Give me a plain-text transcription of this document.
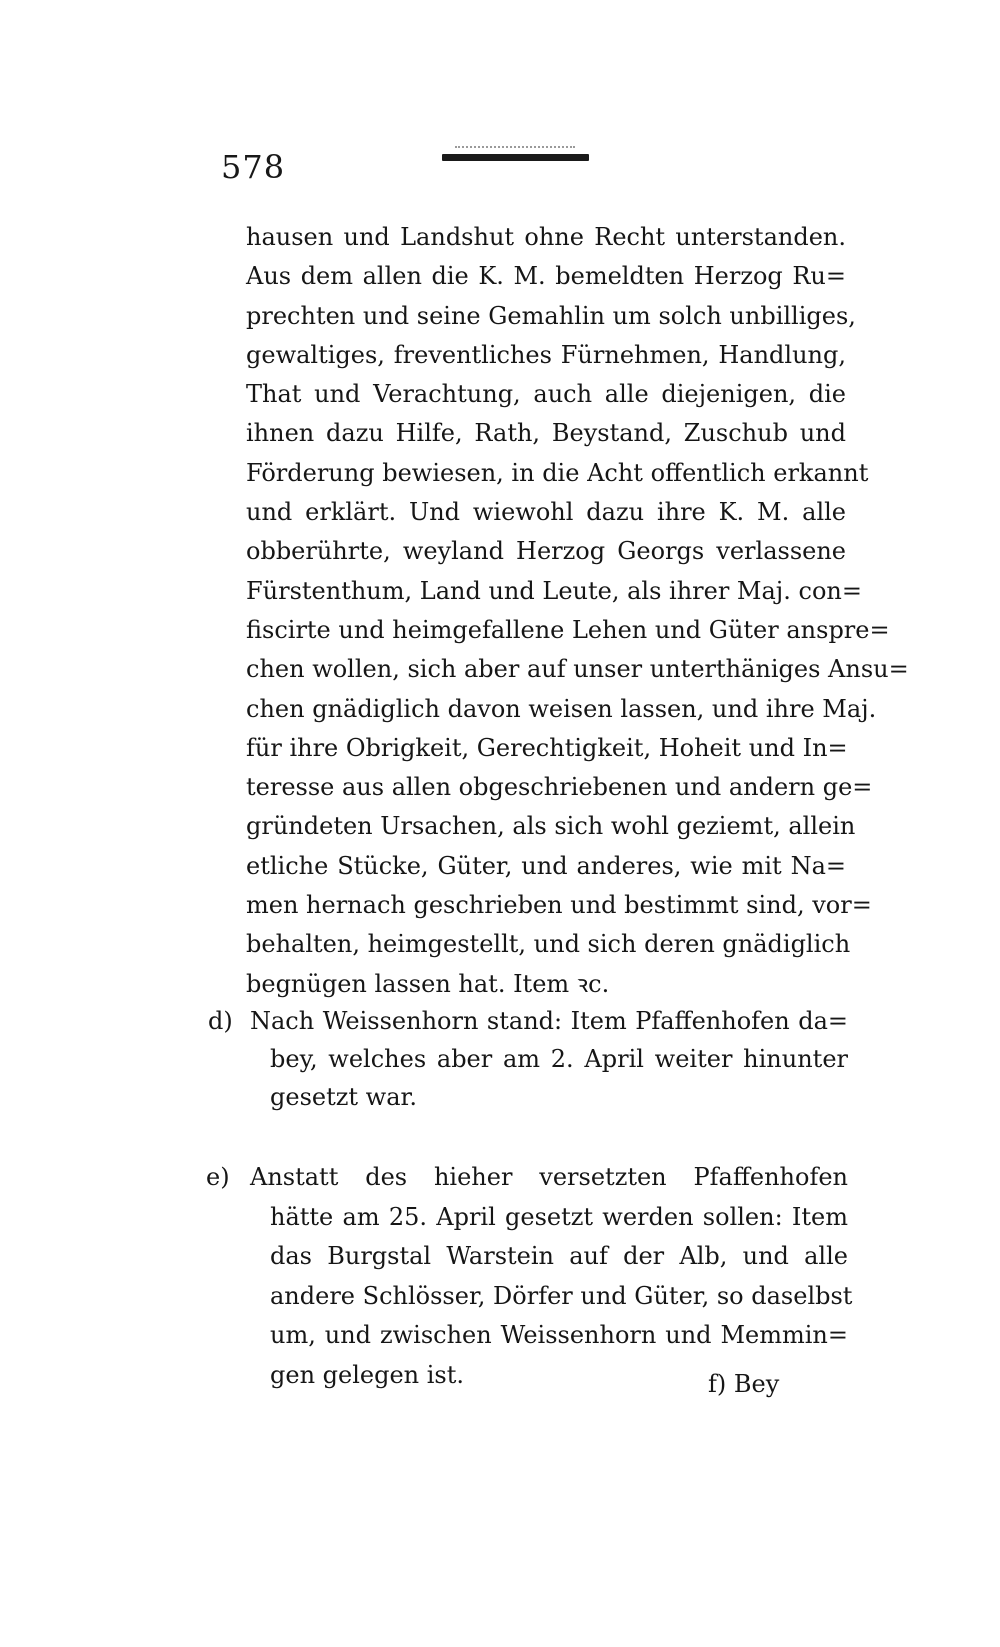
578
hausen und Landshut ohne Recht unterstanden.
Aus dem allen die K. M. bemeldten Herzog Ru=
prechten und seine Gemahlin um solch unbilliges,
gewaltiges, freventliches Fürnehmen, Handlung,
That und Verachtung, auch alle diejenigen, die
ihnen dazu Hilfe, Rath, Beystand, Zuschub und
Förderung bewiesen, in die Acht offentlich erkannt
und erklärt. Und wiewohl dazu ihre K. M. alle
obberührte, weyland Herzog Georgs verlassene
Fürstenthum, Land und Leute, als ihrer Maj. con=
fiscirte und heimgefallene Lehen und Güter anspre=
chen wollen, sich aber auf unser unterthäniges Ansu=
chen gnädiglich davon weisen lassen, und ihre Maj.
für ihre Obrigkeit, Gerechtigkeit, Hoheit und In=
teresse aus allen obgeschriebenen und andern ge=
gründeten Ursachen, als sich wohl geziemt, allein
etliche Stücke, Güter, und anderes, wie mit Na=
men hernach geschrieben und bestimmt sind, vor=
behalten, heimgestellt, und sich deren gnädiglich
begnügen lassen hat. Item ꝛc.
d) Nach Weissenhorn stand: Item Pfaffenhofen da=
bey, welches aber am 2. April weiter hinunter
gesetzt war.
e) Anstatt des hieher versetzten Pfaffenhofen
hätte am 25. April gesetzt werden sollen: Item
das Burgstal Warstein auf der Alb, und alle
andere Schlösser, Dörfer und Güter, so daselbst
um, und zwischen Weissenhorn und Memmin=
gen gelegen ist.	f) Bey
